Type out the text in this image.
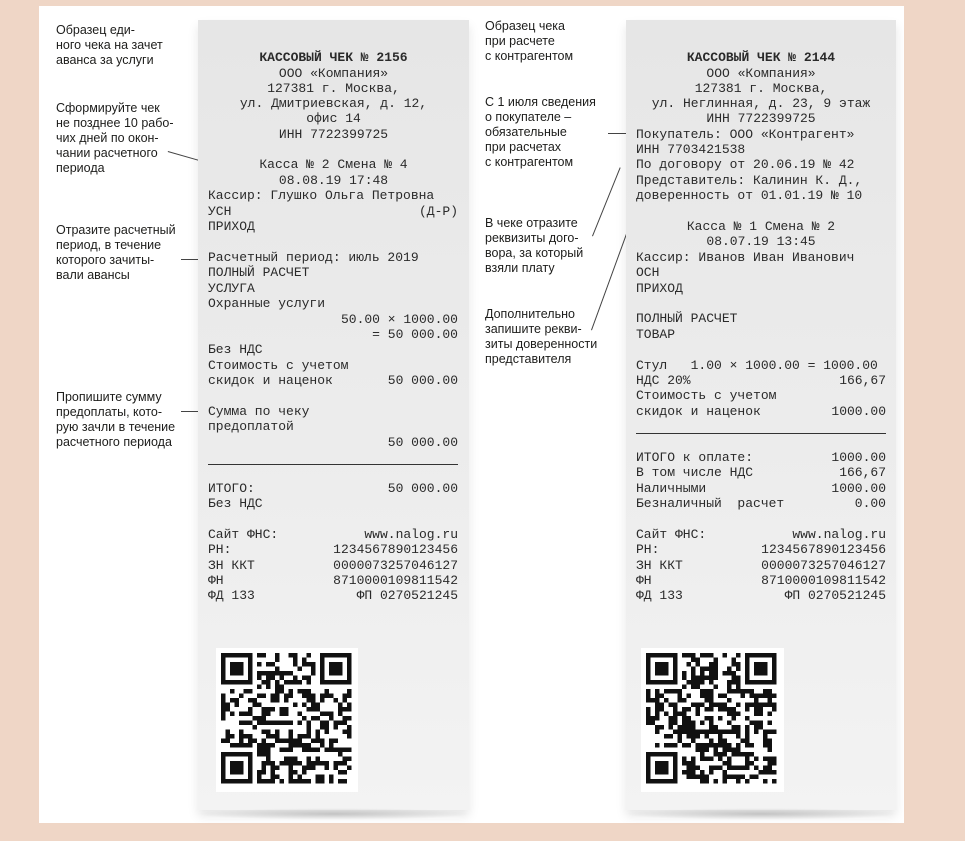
Образец еди-
ного чека на зачет
аванса за услуги
Сформируйте чек
не позднее 10 рабо-
чих дней по окон-
чании расчетного
периода
Отразите расчетный
период, в течение
которого зачиты-
вали авансы
Пропишите сумму
предоплаты, кото-
рую зачли в течение
расчетного периода
Образец чека
при расчете
с контрагентом
С 1 июля сведения
о покупателе –
обязательные
при расчетах
с контрагентом
В чеке отразите
реквизиты дого-
вора, за который
взяли плату
Дополнительно
запишите рекви-
зиты доверенности
представителя
КАССОВЫЙ ЧЕК № 2156
ООО «Компания»
127381 г. Москва,
ул. Дмитриевская, д. 12,
офис 14
ИНН 7722399725
Касса № 2 Смена № 4
08.08.19 17:48
Кассир: Глушко Ольга Петровна
УСН	(Д-Р)
ПРИХОД
Расчетный период: июль 2019
ПОЛНЫЙ РАСЧЕТ
УСЛУГА
Охранные услуги
50.00 × 1000.00
= 50 000.00
Без НДС
Стоимость с учетом
скидок и наценок	50 000.00
Сумма по чеку
предоплатой
50 000.00
ИТОГО:	50 000.00
Без НДС
Сайт ФНС:	www.nalog.ru
РН:	1234567890123456
ЗН ККТ	0000073257046127
ФН	8710000109811542
ФД 133	ФП 0270521245
КАССОВЫЙ ЧЕК № 2144
ООО «Компания»
127381 г. Москва,
ул. Неглинная, д. 23, 9 этаж
ИНН 7722399725
Покупатель: ООО «Контрагент»
ИНН 7703421538
По договору от 20.06.19 № 42
Представитель: Калинин К. Д.,
доверенность от 01.01.19 № 10
Касса № 1 Смена № 2
08.07.19 13:45
Кассир: Иванов Иван Иванович
ОСН
ПРИХОД
ПОЛНЫЙ РАСЧЕТ
ТОВАР
Стул   1.00 × 1000.00 = 1000.00
НДС 20%	166,67
Стоимость с учетом
скидок и наценок	1000.00
ИТОГО к оплате:	1000.00
В том числе НДС	166,67
Наличными	1000.00
Безналичный  расчет	0.00
Сайт ФНС:	www.nalog.ru
РН:	1234567890123456
ЗН ККТ	0000073257046127
ФН	8710000109811542
ФД 133	ФП 0270521245
